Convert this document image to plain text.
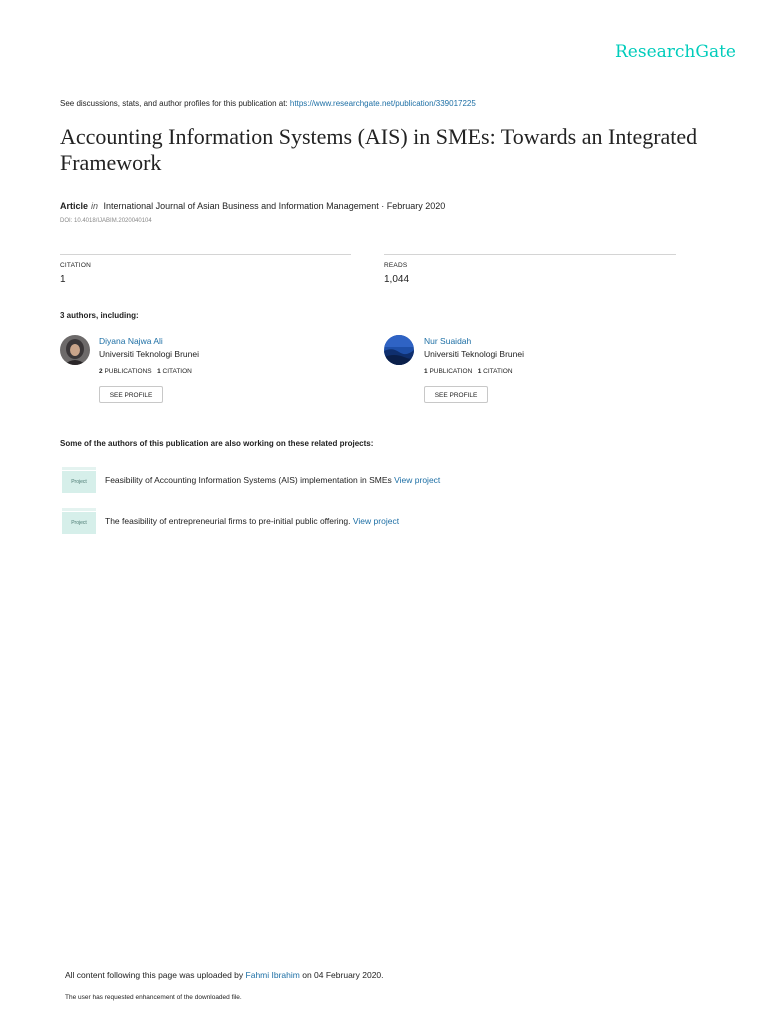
ResearchGate
See discussions, stats, and author profiles for this publication at: https://www.researchgate.net/publication/339017225
Accounting Information Systems (AIS) in SMEs: Towards an Integrated Framework
Article in International Journal of Asian Business and Information Management · February 2020
DOI: 10.4018/IJABIM.2020040104
CITATION
1
READS
1,044
3 authors, including:
Diyana Najwa Ali
Universiti Teknologi Brunei
2 PUBLICATIONS 1 CITATION
SEE PROFILE
Nur Suaidah
Universiti Teknologi Brunei
1 PUBLICATION 1 CITATION
SEE PROFILE
Some of the authors of this publication are also working on these related projects:
Project	Feasibility of Accounting Information Systems (AIS) implementation in SMEs View project
Project	The feasibility of entrepreneurial firms to pre-initial public offering. View project
All content following this page was uploaded by Fahmi Ibrahim on 04 February 2020.
The user has requested enhancement of the downloaded file.
